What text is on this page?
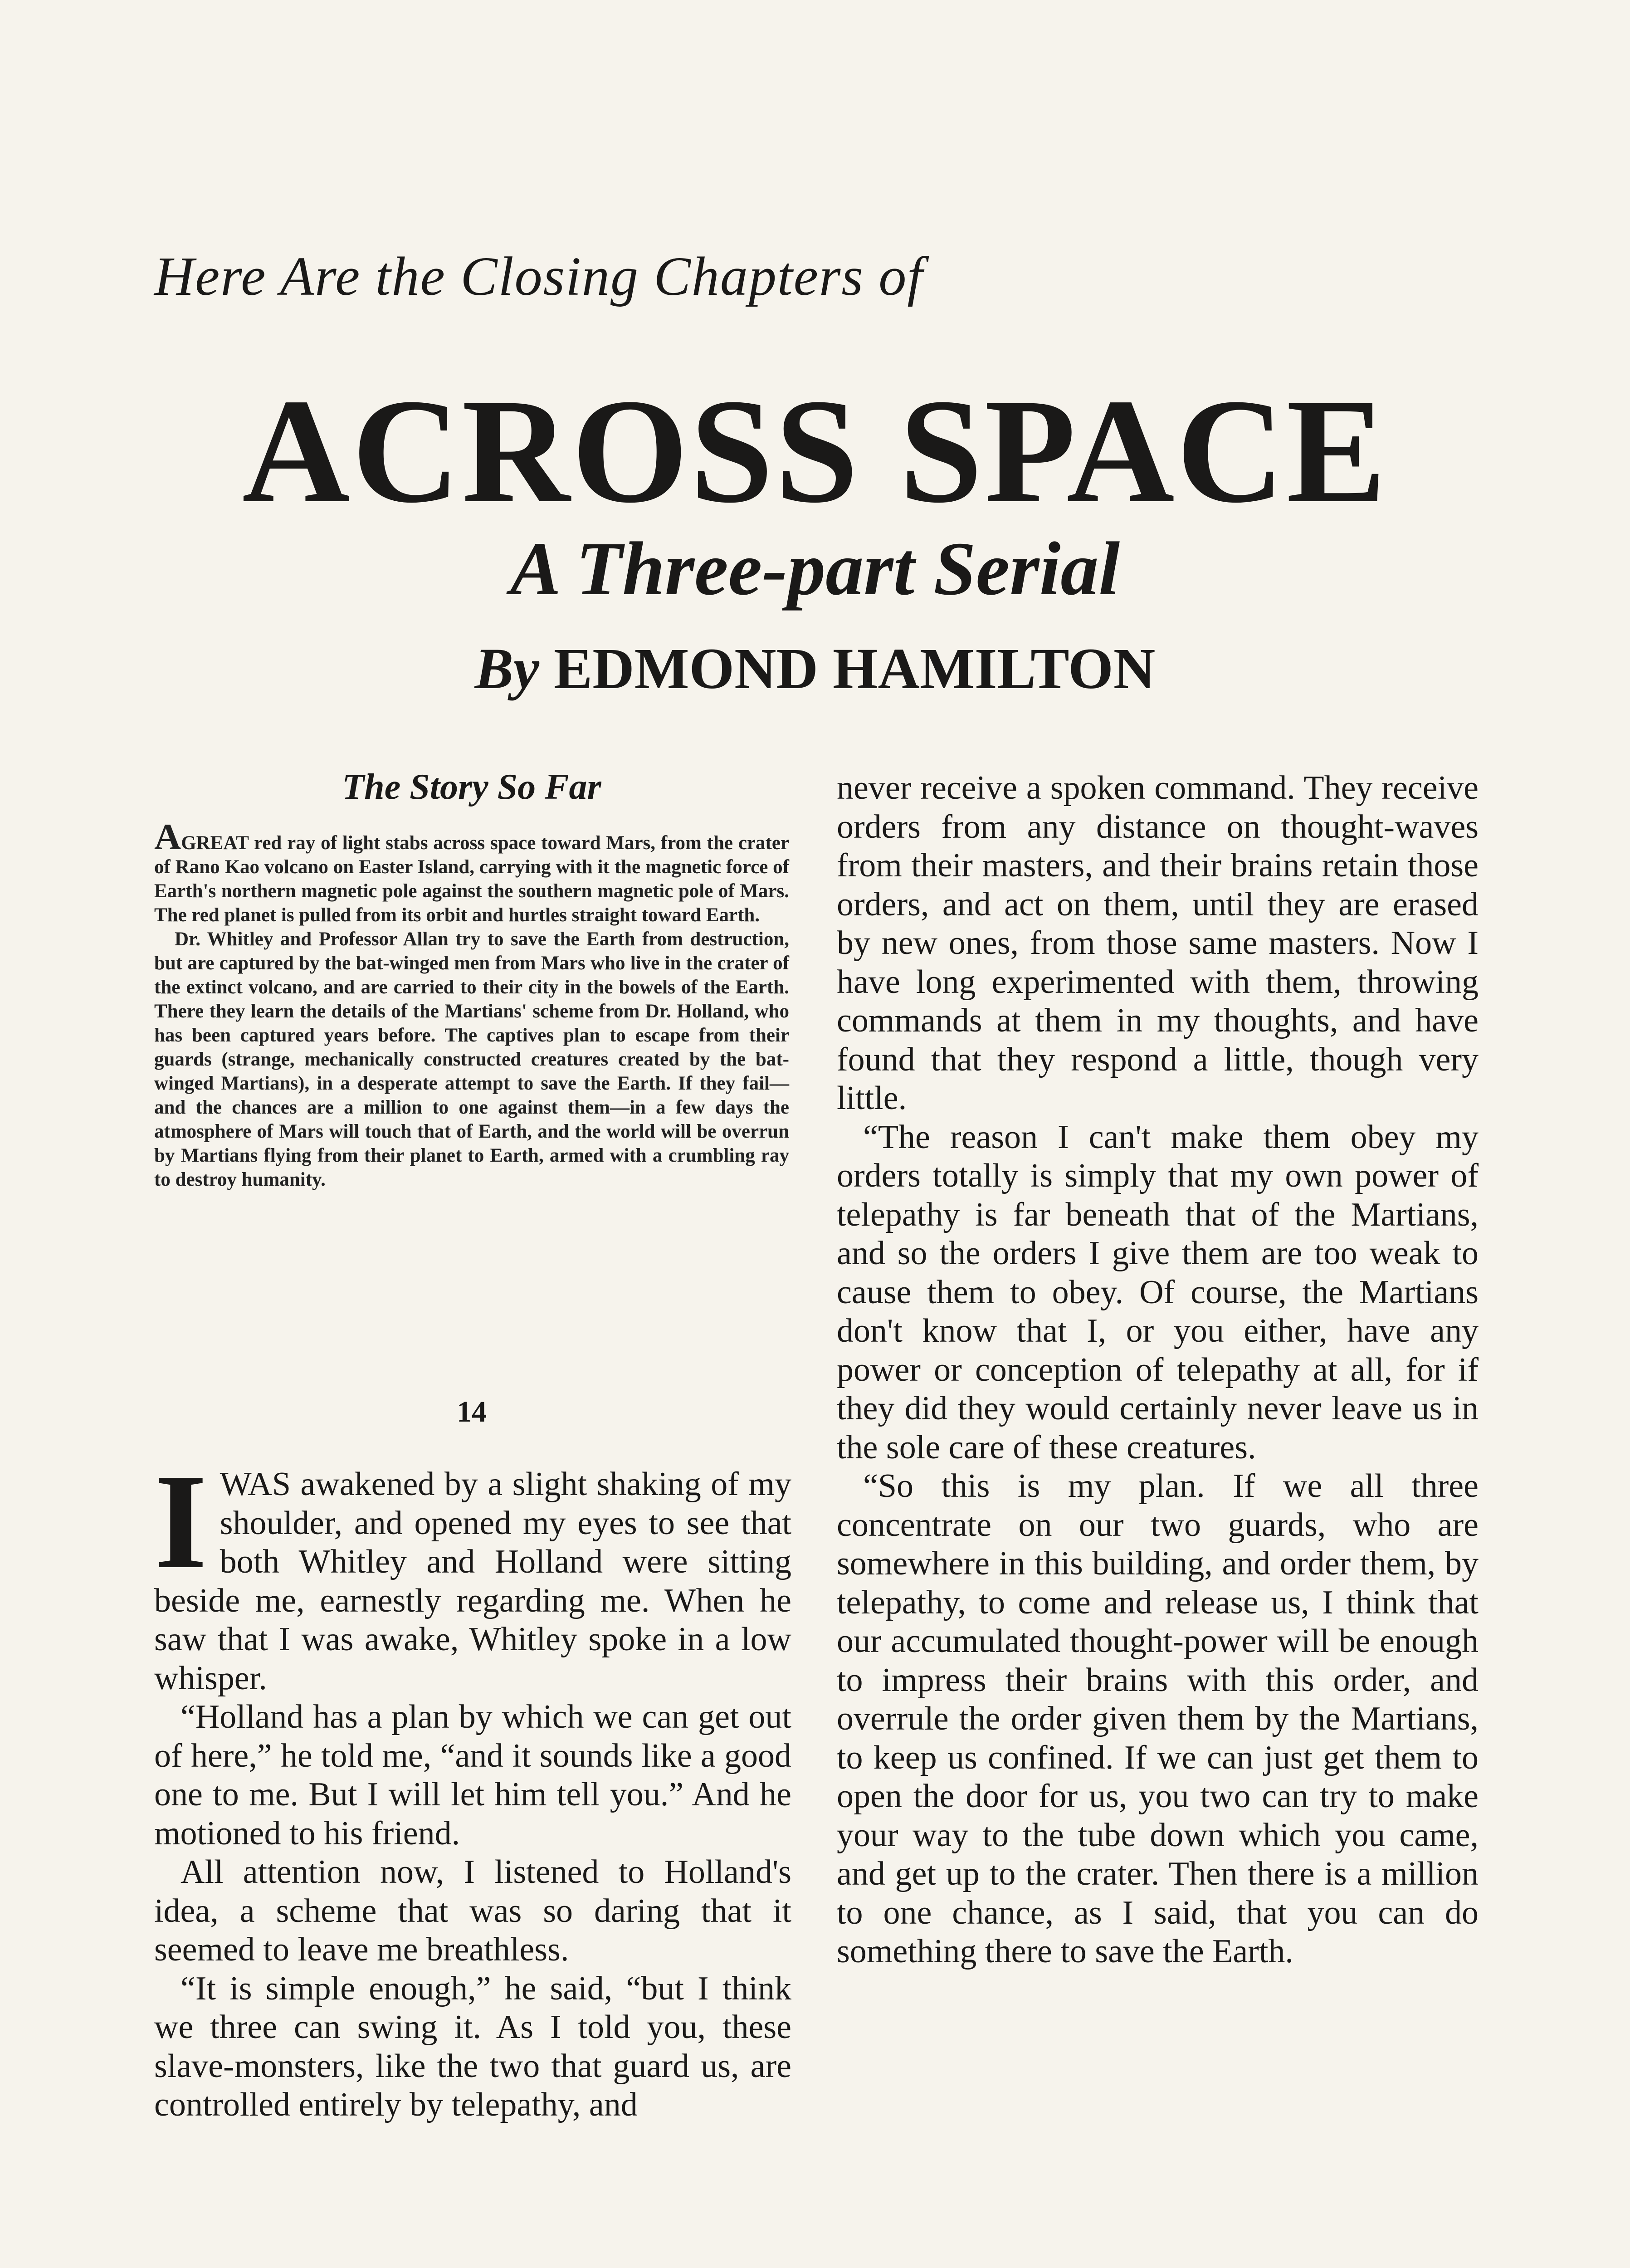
Here Are the Closing Chapters of
ACROSS SPACE
A Three-part Serial
By EDMOND HAMILTON
The Story So Far

AGREAT red ray of light stabs across space toward Mars, from the crater of Rano Kao volcano on Easter Island, carrying with it the magnetic force of Earth's northern magnetic pole against the southern magnetic pole of Mars. The red planet is pulled from its orbit and hurtles straight toward Earth.

Dr. Whitley and Professor Allan try to save the Earth from destruction, but are captured by the bat-winged men from Mars who live in the crater of the extinct volcano, and are carried to their city in the bowels of the Earth. There they learn the details of the Martians' scheme from Dr. Holland, who has been captured years before. The captives plan to escape from their guards (strange, mechanically constructed creatures created by the bat-winged Martians), in a desperate attempt to save the Earth. If they fail—and the chances are a million to one against them—in a few days the atmosphere of Mars will touch that of Earth, and the world will be overrun by Martians flying from their planet to Earth, armed with a crumbling ray to destroy humanity.

14

IWAS awakened by a slight shaking of my shoulder, and opened my eyes to see that both Whitley and Holland were sitting beside me, earnestly regarding me. When he saw that I was awake, Whitley spoke in a low whisper.

“Holland has a plan by which we can get out of here,” he told me, “and it sounds like a good one to me. But I will let him tell you.” And he motioned to his friend.

All attention now, I listened to Holland's idea, a scheme that was so daring that it seemed to leave me breathless.

“It is simple enough,” he said, “but I think we three can swing it. As I told you, these slave-monsters, like the two that guard us, are controlled entirely by telepathy, and

never receive a spoken command. They receive orders from any distance on thought-waves from their masters, and their brains retain those orders, and act on them, until they are erased by new ones, from those same masters. Now I have long experimented with them, throwing commands at them in my thoughts, and have found that they respond a little, though very little.

“The reason I can't make them obey my orders totally is simply that my own power of telepathy is far beneath that of the Martians, and so the orders I give them are too weak to cause them to obey. Of course, the Martians don't know that I, or you either, have any power or conception of telepathy at all, for if they did they would certainly never leave us in the sole care of these creatures.

“So this is my plan. If we all three concentrate on our two guards, who are somewhere in this building, and order them, by telepathy, to come and release us, I think that our accumulated thought-power will be enough to impress their brains with this order, and overrule the order given them by the Martians, to keep us confined. If we can just get them to open the door for us, you two can try to make your way to the tube down which you came, and get up to the crater. Then there is a million to one chance, as I said, that you can do something there to save the Earth.
